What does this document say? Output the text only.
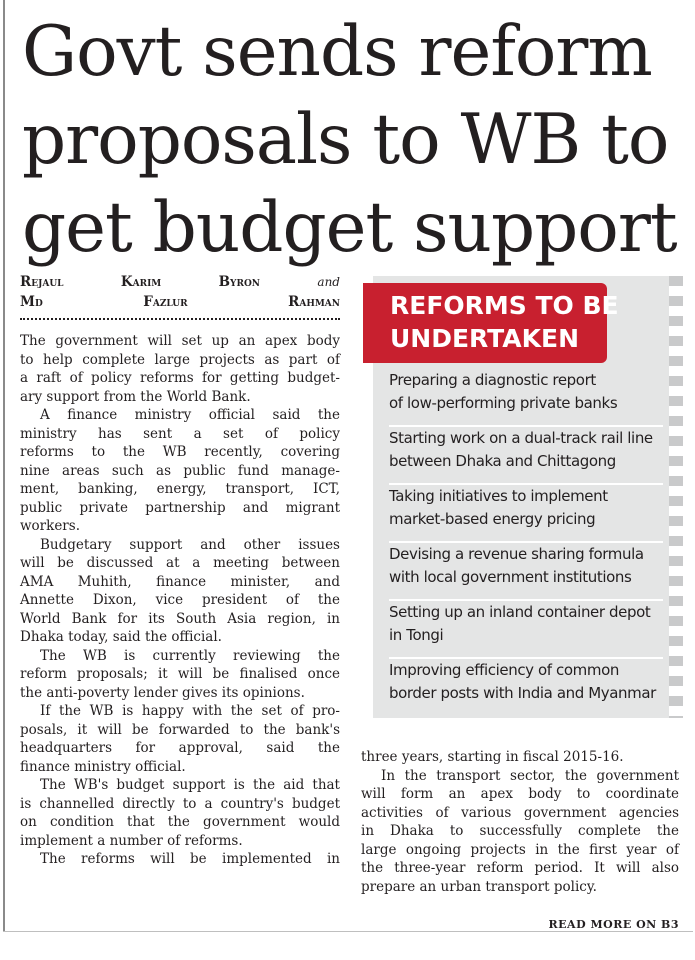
Govt sends reform
proposals to WB to
get budget support
Rejaul Karim Byron	and
Md Fazlur Rahman

The government will set up an apex body
to help complete large projects as part of
a raft of policy reforms for getting budget-
ary support from the World Bank.

A finance ministry official said the
ministry has sent a set of policy
reforms to the WB recently, covering
nine areas such as public fund manage-
ment, banking, energy, transport, ICT,
public private partnership and migrant
workers.

Budgetary support and other issues
will be discussed at a meeting between
AMA Muhith, finance minister, and
Annette Dixon, vice president of the
World Bank for its South Asia region, in
Dhaka today, said the official.

The WB is currently reviewing the
reform proposals; it will be finalised once
the anti-poverty lender gives its opinions.

If the WB is happy with the set of pro-
posals, it will be forwarded to the bank's
headquarters for approval, said the
finance ministry official.

The WB's budget support is the aid that
is channelled directly to a country's budget
on condition that the government would
implement a number of reforms.

The reforms will be implemented in

REFORMS TO BE
UNDERTAKEN
Preparing a diagnostic report
of low-performing private banks
Starting work on a dual-track rail line
between Dhaka and Chittagong
Taking initiatives to implement
market-based energy pricing
Devising a revenue sharing formula
with local government institutions
Setting up an inland container depot
in Tongi
Improving efficiency of common
border posts with India and Myanmar

three years, starting in fiscal 2015-16.

In the transport sector, the government
will form an apex body to coordinate
activities of various government agencies
in Dhaka to successfully complete the
large ongoing projects in the first year of
the three-year reform period. It will also
prepare an urban transport policy.

READ MORE ON B3
